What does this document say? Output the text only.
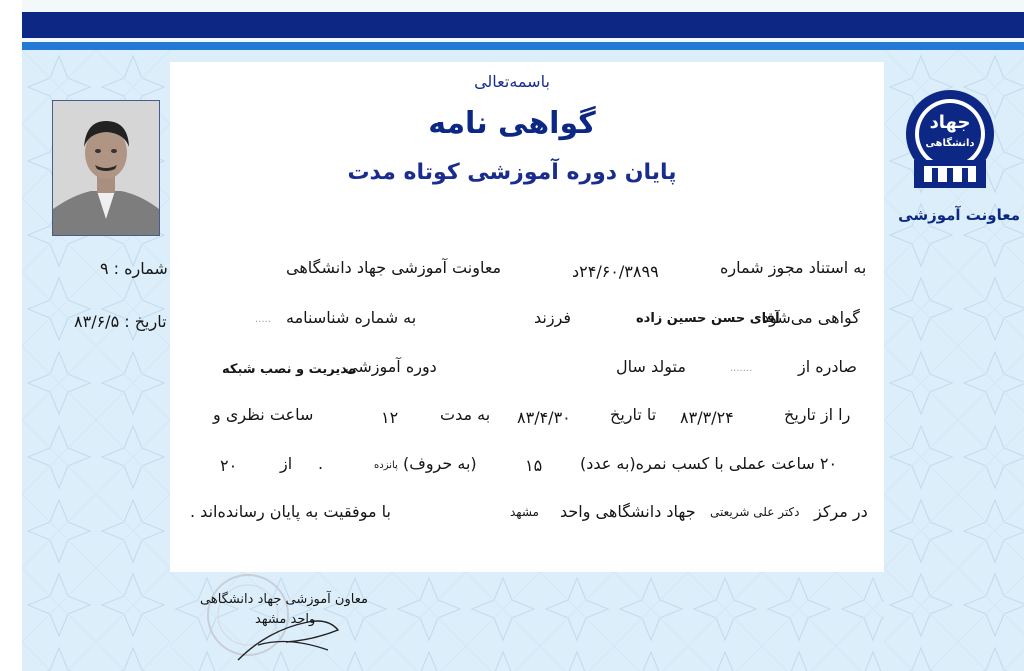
باسمه‌تعالی
گواهی نامه
پایان دوره آموزشی کوتاه مدت
جهاد
دانشگاهی
معاونت آموزشی
شماره : ۹
تاریخ : ۸۳/۶/۵
به استناد مجوز شماره
۲۴/۶۰/۳۸۹۹د
معاونت آموزشی جهاد دانشگاهی
گواهی می‌شود
آقای حسن حسین زاده
فرزند
به شماره شناسنامه
.....
صادره از
.......
متولد سال
دوره آموزشی
مدیریت و نصب شبکه
را از تاریخ
۸۳/۳/۲۴
تا تاریخ
۸۳/۴/۳۰
به مدت
۱۲
ساعت نظری و
۲۰ ساعت عملی با کسب نمره(به عدد)
۱۵
(به حروف)
پانزده
.
از
۲۰
در مرکز
دکتر علی شریعتی
جهاد دانشگاهی واحد
مشهد
با موفقیت به پایان رسانده‌اند .
معاون آموزشی جهاد دانشگاهی
واحد مشهد
